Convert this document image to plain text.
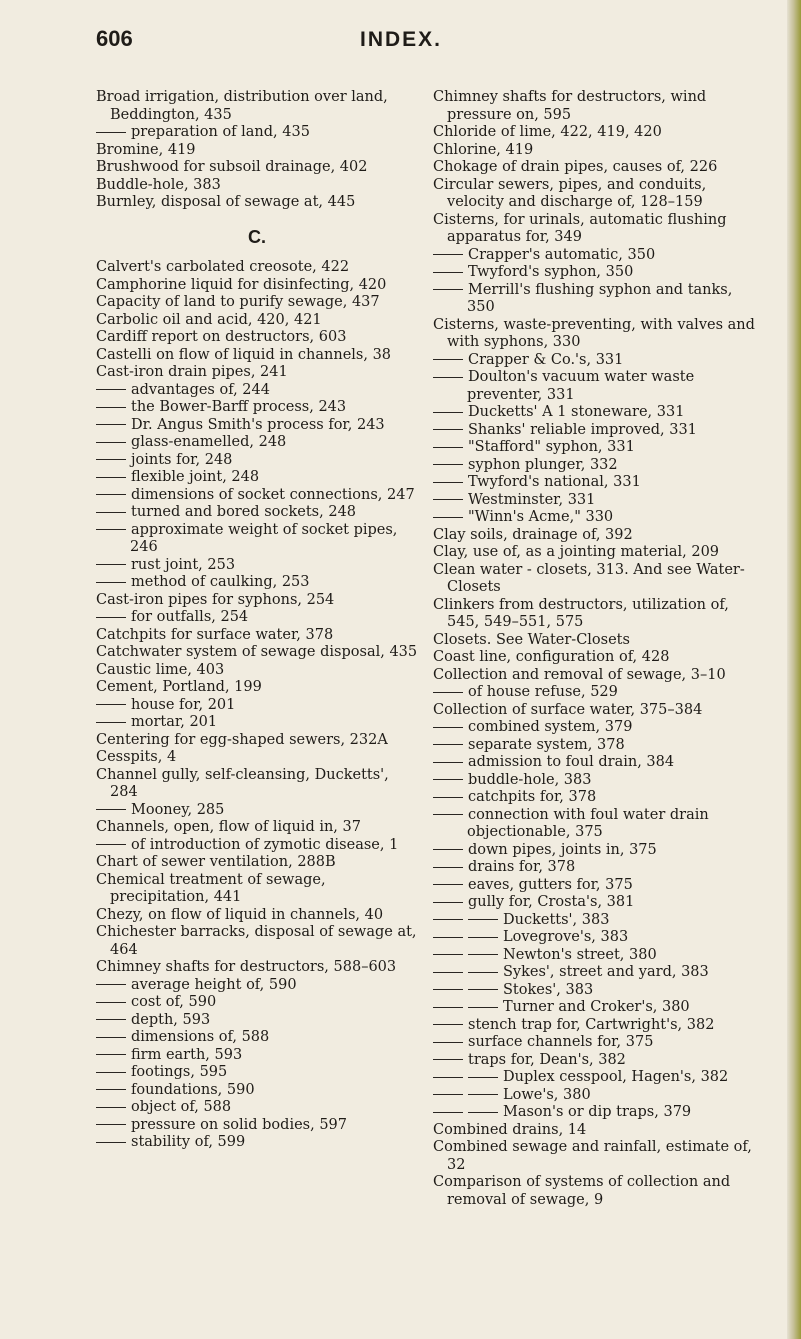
606	INDEX.

Broad irrigation, distribution over land, Beddington, 435

preparation of land, 435

Bromine, 419

Brushwood for subsoil drainage, 402

Buddle-hole, 383

Burnley, disposal of sewage at, 445

C.

Calvert's carbolated creosote, 422

Camphorine liquid for disinfecting, 420

Capacity of land to purify sewage, 437

Carbolic oil and acid, 420, 421

Cardiff report on destructors, 603

Castelli on flow of liquid in channels, 38

Cast-iron drain pipes, 241

advantages of, 244

the Bower-Barff process, 243

Dr. Angus Smith's process for, 243

glass-enamelled, 248

joints for, 248

flexible joint, 248

dimensions of socket connections, 247

turned and bored sockets, 248

approximate weight of socket pipes, 246

rust joint, 253

method of caulking, 253

Cast-iron pipes for syphons, 254

for outfalls, 254

Catchpits for surface water, 378

Catchwater system of sewage disposal, 435

Caustic lime, 403

Cement, Portland, 199

house for, 201

mortar, 201

Centering for egg-shaped sewers, 232A

Cesspits, 4

Channel gully, self-cleansing, Ducketts', 284

Mooney, 285

Channels, open, flow of liquid in, 37

of introduction of zymotic disease, 1

Chart of sewer ventilation, 288B

Chemical treatment of sewage, precipitation, 441

Chezy, on flow of liquid in channels, 40

Chichester barracks, disposal of sewage at, 464

Chimney shafts for destructors, 588–603

average height of, 590

cost of, 590

depth, 593

dimensions of, 588

firm earth, 593

footings, 595

foundations, 590

object of, 588

pressure on solid bodies, 597

stability of, 599

Chimney shafts for destructors, wind pressure on, 595

Chloride of lime, 422, 419, 420

Chlorine, 419

Chokage of drain pipes, causes of, 226

Circular sewers, pipes, and conduits, velocity and discharge of, 128–159

Cisterns, for urinals, automatic flushing apparatus for, 349

Crapper's automatic, 350

Twyford's syphon, 350

Merrill's flushing syphon and tanks, 350

Cisterns, waste-preventing, with valves and with syphons, 330

Crapper & Co.'s, 331

Doulton's vacuum water waste preventer, 331

Ducketts' A 1 stoneware, 331

Shanks' reliable improved, 331

"Stafford" syphon, 331

syphon plunger, 332

Twyford's national, 331

Westminster, 331

"Winn's Acme," 330

Clay soils, drainage of, 392

Clay, use of, as a jointing material, 209

Clean water - closets, 313. And see Water-Closets

Clinkers from destructors, utilization of, 545, 549–551, 575

Closets. See Water-Closets

Coast line, configuration of, 428

Collection and removal of sewage, 3–10

of house refuse, 529

Collection of surface water, 375–384

combined system, 379

separate system, 378

admission to foul drain, 384

buddle-hole, 383

catchpits for, 378

connection with foul water drain objectionable, 375

down pipes, joints in, 375

drains for, 378

eaves, gutters for, 375

gully for, Crosta's, 381

Ducketts', 383

Lovegrove's, 383

Newton's street, 380

Sykes', street and yard, 383

Stokes', 383

Turner and Croker's, 380

stench trap for, Cartwright's, 382

surface channels for, 375

traps for, Dean's, 382

Duplex cesspool, Hagen's, 382

Lowe's, 380

Mason's or dip traps, 379

Combined drains, 14

Combined sewage and rainfall, estimate of, 32

Comparison of systems of collection and removal of sewage, 9
